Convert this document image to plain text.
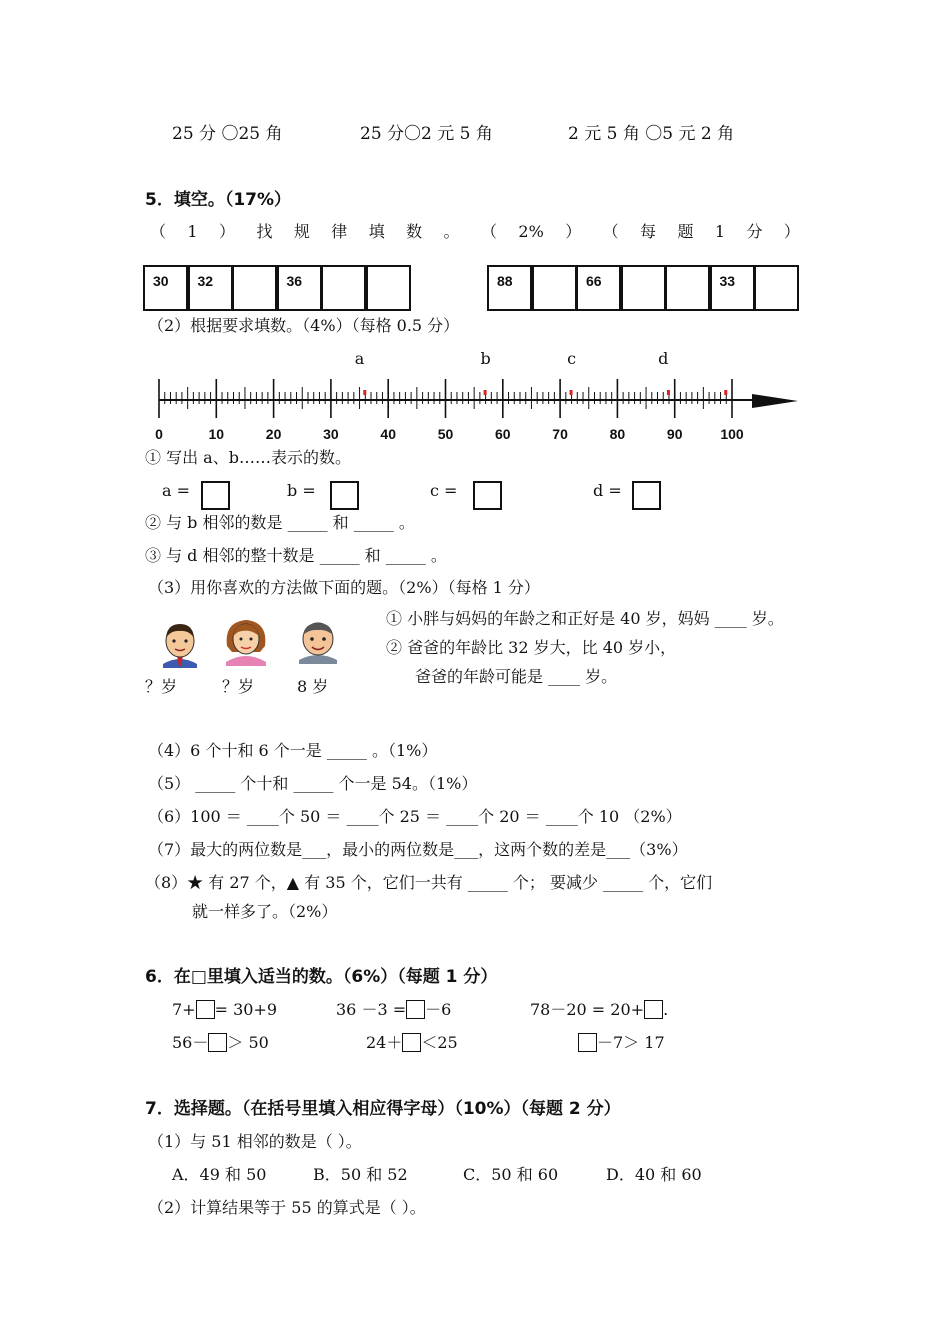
25 分 〇25 角	25 分〇2 元 5 角	2 元 5 角 〇5 元 2 角
5．填空。（17%）
（ 1 ） 找 规 律 填 数 。 （ 2% ） （ 每 题 1 分 ）
30	32	36	88	66	33
（2）根据要求填数。（4%）（每格 0.5 分）
0	10	20	30	40	50	60	70	80	90	100
a	b	c	d
① 写出 a、b……表示的数。
a =	b =	c =	d =
② 与 b 相邻的数是 _____ 和 _____ 。
③ 与 d 相邻的整十数是 _____ 和 _____ 。
（3）用你喜欢的方法做下面的题。（2%）（每格 1 分）
？岁	？岁	8 岁
① 小胖与妈妈的年龄之和正好是 40 岁，妈妈 ____ 岁。
② 爸爸的年龄比 32 岁大，比 40 岁小，
爸爸的年龄可能是 ____ 岁。
（4）6 个十和 6 个一是 _____ 。（1%）
（5） _____ 个十和 _____ 个一是 54。（1%）
（6）100 ＝ ____个 50 ＝ ____个 25 ＝ ____个 20 ＝ ____个 10 （2%）
（7）最大的两位数是___，最小的两位数是___，这两个数的差是___（3%）
（8）★ 有 27 个，▲ 有 35 个，它们一共有 _____ 个； 要减少 _____ 个，它们
就一样多了。（2%）
6．在□里填入适当的数。（6%）（每题 1 分）
7+ = 30+9	36 －3 = －6	78－20 = 20+ .
56－ ＞ 50	24＋ ＜25	－7＞ 17
7．选择题。（在括号里填入相应得字母）（10%）（每题 2 分）
（1）与 51 相邻的数是（ ）。
A．49 和 50	B．50 和 52	C．50 和 60	D．40 和 60
（2）计算结果等于 55 的算式是（ ）。
